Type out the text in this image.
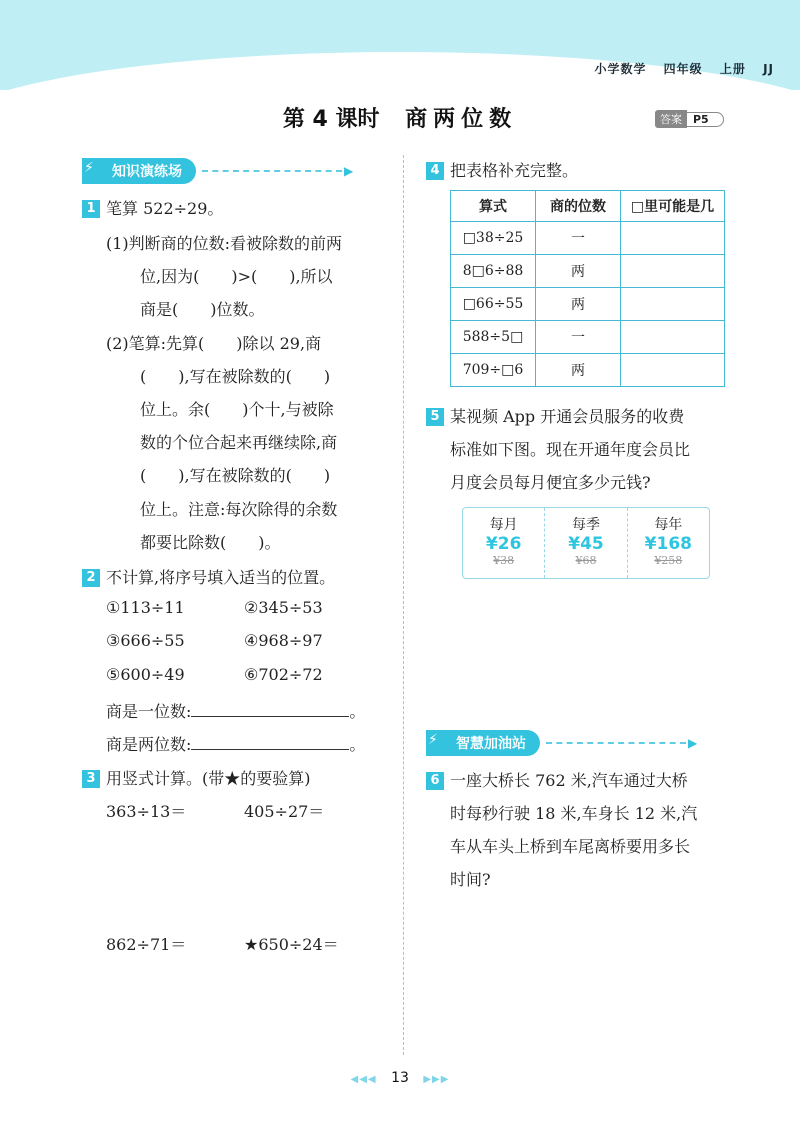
小学数学 四年级 上册 JJ
第 4 课时 商两位数	答案	P5
⚡	知识演练场	▶
1 笔算 522÷29。
(1)判断商的位数:看被除数的前两
位,因为(　　)>(　　),所以
商是(　　)位数。
(2)笔算:先算(　　)除以 29,商
(　　),写在被除数的(　　)
位上。余(　　)个十,与被除
数的个位合起来再继续除,商
(　　),写在被除数的(　　)
位上。注意:每次除得的余数
都要比除数(　　)。
2 不计算,将序号填入适当的位置。
①113÷11	②345÷53
③666÷55	④968÷97
⑤600÷49	⑥702÷72
商是一位数:	。
商是两位数:	。
3 用竖式计算。(带★的要验算)
363÷13＝	405÷27＝
862÷71＝	★650÷24＝
4 把表格补充完整。
算式	商的位数	□里可能是几
□38÷25	一	
8□6÷88	两	
□66÷55	两	
588÷5□	一	
709÷□6	两	
5 某视频 App 开通会员服务的收费
标准如下图。现在开通年度会员比
月度会员每月便宜多少元钱?
每月
¥26
¥38
每季
¥45
¥68
每年
¥168
¥258
⚡	智慧加油站	▶
6 一座大桥长 762 米,汽车通过大桥
时每秒行驶 18 米,车身长 12 米,汽
车从车头上桥到车尾离桥要用多长
时间?
◀◀◀ 13 ▶▶▶
